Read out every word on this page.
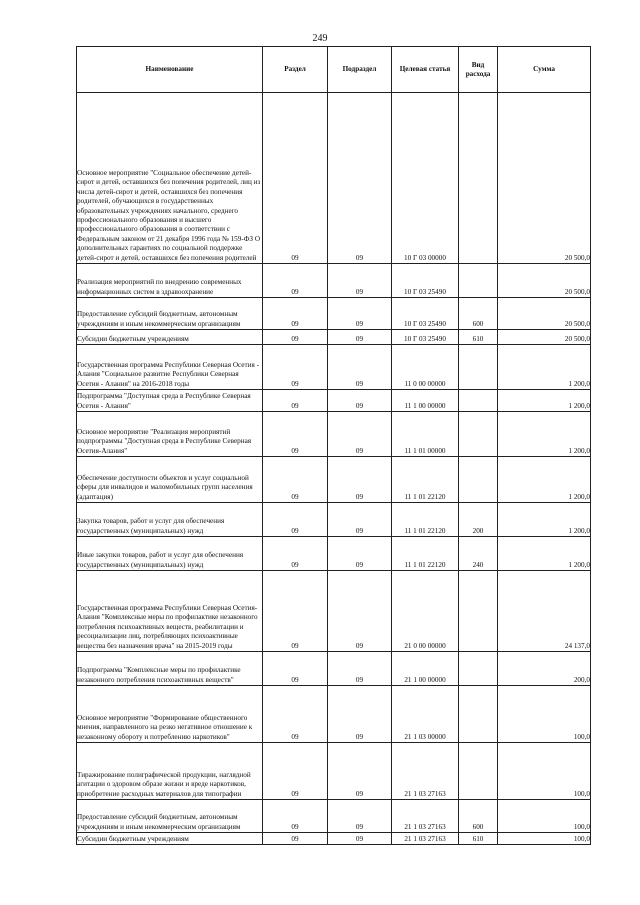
249
Наименование	Раздел	Подраздел	Целевая статья	Вид расхода	Сумма
Основное мероприятие "Социальное обеспечение детей-сирот и детей, оставшихся без попечения родителей, лиц из числа детей-сирот и детей, оставшихся без попечения родителей, обучающихся в государственных образовательных учреждениях начального, среднего профессионального образования и высшего профессионального образования в соответствии с Федеральным законом от 21 декабря 1996 года № 159-ФЗ О дополнительных гарантиях по социальной поддержке детей-сирот и детей, оставшихся без попечения родителей	09	09	10 Г 03 00000		20 500,0
Реализация мероприятий по внедрению современных информационных систем в здравоохранение	09	09	10 Г 03 25490		20 500,0
Предоставление субсидий бюджетным, автономным учреждениям и иным некоммерческим организациям	09	09	10 Г 03 25490	600	20 500,0
Субсидии бюджетным учреждениям	09	09	10 Г 03 25490	610	20 500,0
Государственная программа Республики Северная Осетия - Алания "Социальное развитие Республики Северная Осетия - Алания" на 2016-2018 годы	09	09	11 0 00 00000		1 200,0
Подпрограмма "Доступная среда в Республике Северная Осетия - Алания"	09	09	11 1 00 00000		1 200,0
Основное мероприятие "Реализация мероприятий подпрограммы "Доступная среда в Республике Северная Осетия-Алания"	09	09	11 1 01 00000		1 200,0
Обеспечение доступности объектов и услуг социальной сферы для инвалидов и маломобильных групп населения (адаптация)	09	09	11 1 01 22120		1 200,0
Закупка товаров, работ и услуг для обеспечения государственных (муниципальных) нужд	09	09	11 1 01 22120	200	1 200,0
Иные закупки товаров, работ и услуг для обеспечения государственных (муниципальных) нужд	09	09	11 1 01 22120	240	1 200,0
Государственная программа Республики Северная Осетия-Алания "Комплексные меры по профилактике незаконного потребления психоактивных веществ, реабилитации и ресоциализации лиц, потребляющих психоактивные вещества без назначения врача" на 2015-2019 годы	09	09	21 0 00 00000		24 137,0
Подпрограмма "Комплексные меры по профилактике незаконного потребления психоактивных веществ"	09	09	21 1 00 00000		200,0
Основное мероприятие "Формирование общественного мнения, направленного на резко негативное отношение к незаконному обороту и потреблению наркотиков"	09	09	21 1 03 00000		100,0
Тиражирование полиграфической продукции, наглядной агитации о здоровом образе жизни и вреде наркотиков, приобретение расходных материалов для типографии	09	09	21 1 03 27163		100,0
Предоставление субсидий бюджетным, автономным учреждениям и иным некоммерческим организациям	09	09	21 1 03 27163	600	100,0
Субсидии бюджетным учреждениям	09	09	21 1 03 27163	610	100,0
